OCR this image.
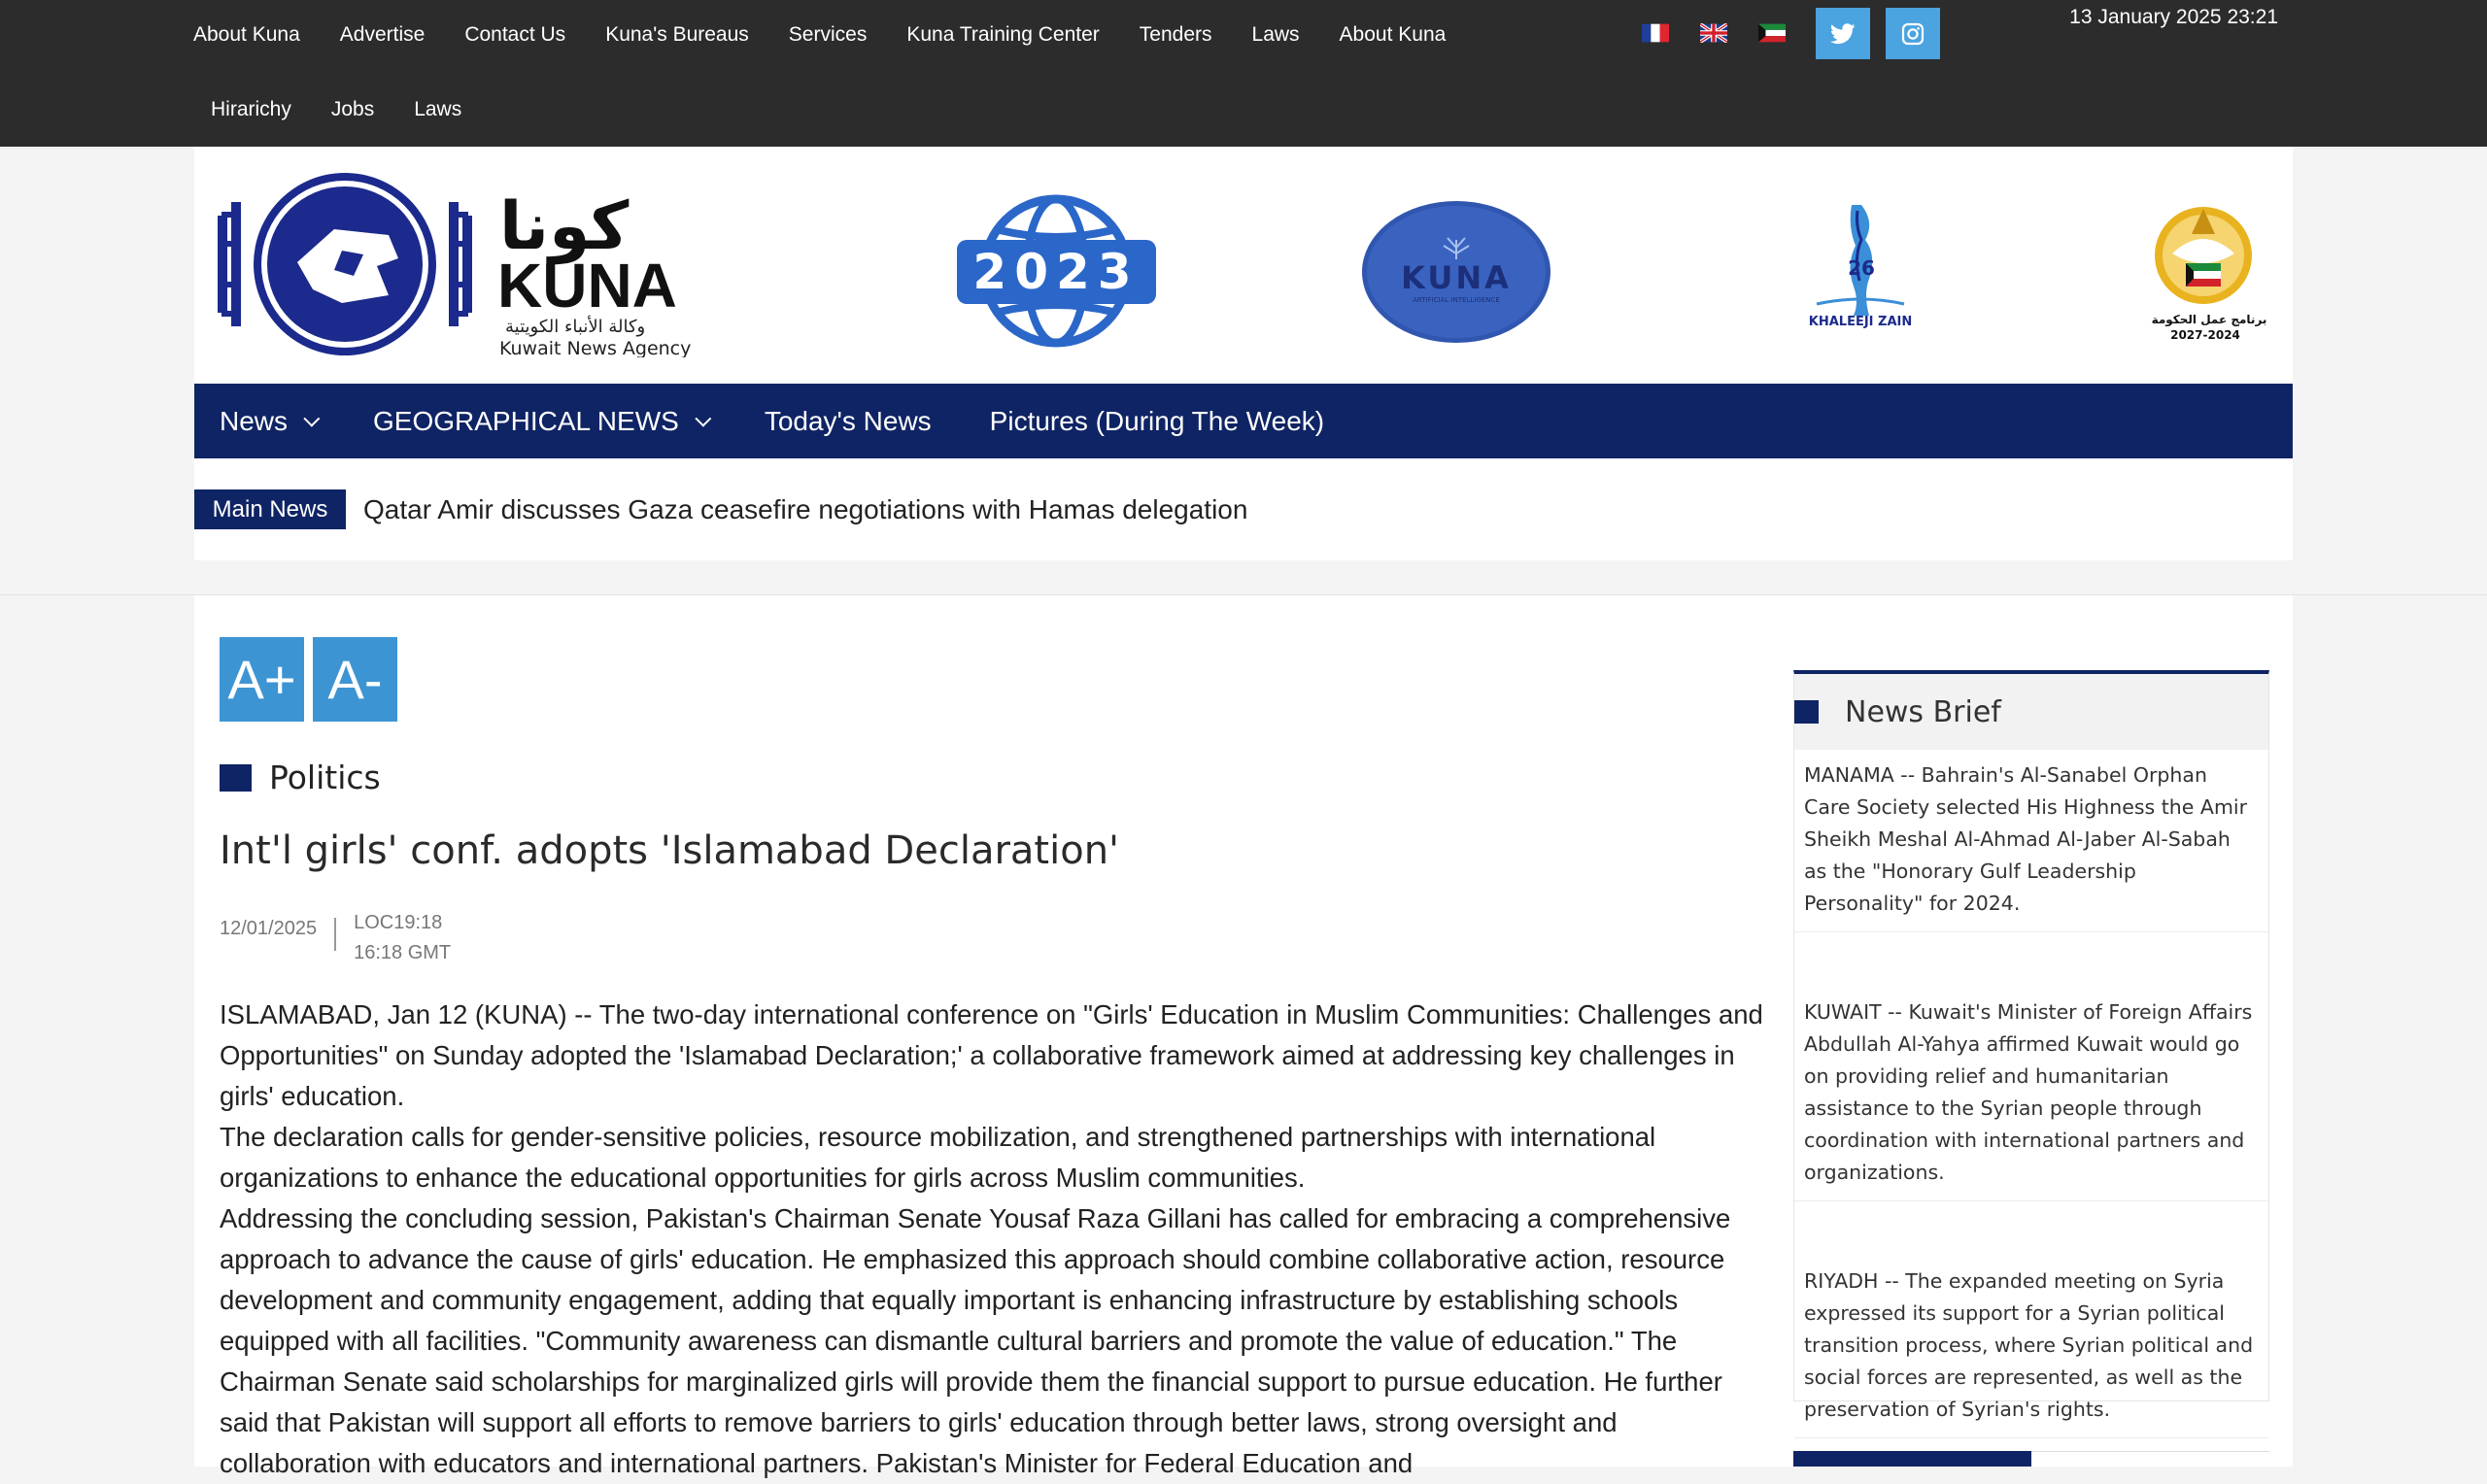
About Kuna Advertise Contact Us Kuna's Bureaus Services Kuna Training Center Tenders Laws About Kuna
Hirarichy Jobs Laws
13 January 2025 23:21
كونا
KUNA
وكالة الأنباء الكويتية
Kuwait News Agency
2023	KUNA
ARTIFICIAL INTELLIGENCE
26
KHALEEJI ZAIN	برنامج عمل الحكومة
2027-2024
News	GEOGRAPHICAL NEWS	Today's News Pictures (During The Week)
Main News	Qatar Amir discusses Gaza ceasefire negotiations with Hamas delegation
A+ A-
Politics
Int'l girls' conf. adopts 'Islamabad Declaration'
12/01/2025	LOC19:18
16:18 GMT

ISLAMABAD, Jan 12 (KUNA) -- The two-day international conference on "Girls' Education in Muslim Communities: Challenges and Opportunities" on Sunday adopted the 'Islamabad Declaration;' a collaborative framework aimed at addressing key challenges in girls' education.

The declaration calls for gender-sensitive policies, resource mobilization, and strengthened partnerships with international organizations to enhance the educational opportunities for girls across Muslim communities.

Addressing the concluding session, Pakistan's Chairman Senate Yousaf Raza Gillani has called for embracing a comprehensive approach to advance the cause of girls' education. He emphasized this approach should combine collaborative action, resource development and community engagement, adding that equally important is enhancing infrastructure by establishing schools equipped with all facilities. "Community awareness can dismantle cultural barriers and promote the value of education." The Chairman Senate said scholarships for marginalized girls will provide them the financial support to pursue education. He further said that Pakistan will support all efforts to remove barriers to girls' education through better laws, strong oversight and collaboration with educators and international partners. Pakistan's Minister for Federal Education and

News Brief
MANAMA -- Bahrain's Al-Sanabel Orphan Care Society selected His Highness the Amir Sheikh Meshal Al-Ahmad Al-Jaber Al-Sabah as the "Honorary Gulf Leadership Personality" for 2024.
KUWAIT -- Kuwait's Minister of Foreign Affairs Abdullah Al-Yahya affirmed Kuwait would go on providing relief and humanitarian assistance to the Syrian people through coordination with international partners and organizations.
RIYADH -- The expanded meeting on Syria expressed its support for a Syrian political transition process, where Syrian political and social forces are represented, as well as the preservation of Syrian's rights.
